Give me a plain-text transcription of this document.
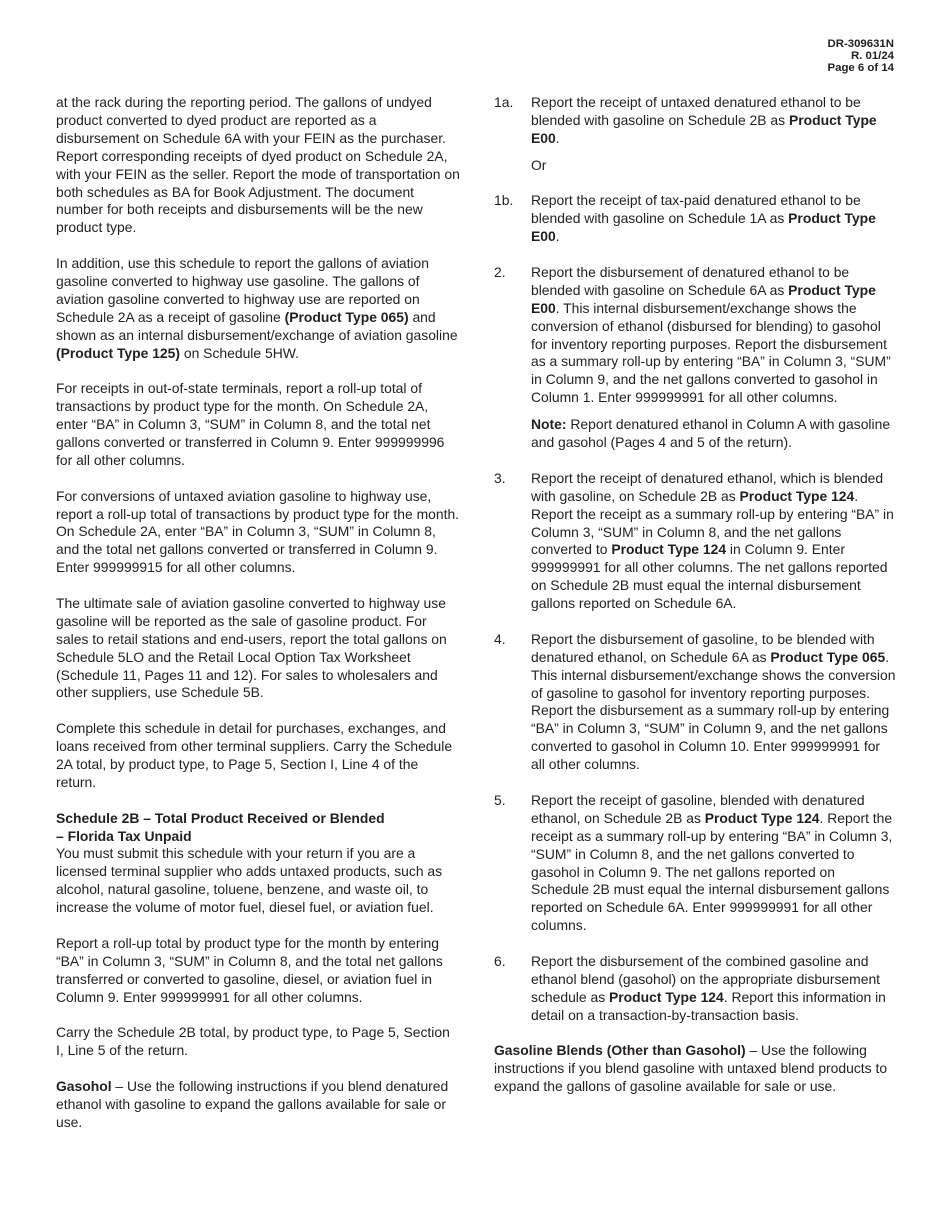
DR-309631N
R. 01/24
Page 6 of 14

at the rack during the reporting period. The gallons of undyed product converted to dyed product are reported as a disbursement on Schedule 6A with your FEIN as the purchaser. Report corresponding receipts of dyed product on Schedule 2A, with your FEIN as the seller. Report the mode of transportation on both schedules as BA for Book Adjustment. The document number for both receipts and disbursements will be the new product type.

In addition, use this schedule to report the gallons of aviation gasoline converted to highway use gasoline. The gallons of aviation gasoline converted to highway use are reported on Schedule 2A as a receipt of gasoline (Product Type 065) and shown as an internal disbursement/exchange of aviation gasoline (Product Type 125) on Schedule 5HW.

For receipts in out-of-state terminals, report a roll-up total of transactions by product type for the month. On Schedule 2A, enter “BA” in Column 3, “SUM” in Column 8, and the total net gallons converted or transferred in Column 9. Enter 999999996 for all other columns.

For conversions of untaxed aviation gasoline to highway use, report a roll-up total of transactions by product type for the month. On Schedule 2A, enter “BA” in Column 3, “SUM” in Column 8, and the total net gallons converted or transferred in Column 9. Enter 999999915 for all other columns.

The ultimate sale of aviation gasoline converted to highway use gasoline will be reported as the sale of gasoline product. For sales to retail stations and end-users, report the total gallons on Schedule 5LO and the Retail Local Option Tax Worksheet (Schedule 11, Pages 11 and 12). For sales to wholesalers and other suppliers, use Schedule 5B.

Complete this schedule in detail for purchases, exchanges, and loans received from other terminal suppliers. Carry the Schedule 2A total, by product type, to Page 5, Section I, Line 4 of the return.

Schedule 2B – Total Product Received or Blended
– Florida Tax Unpaid

You must submit this schedule with your return if you are a licensed terminal supplier who adds untaxed products, such as alcohol, natural gasoline, toluene, benzene, and waste oil, to increase the volume of motor fuel, diesel fuel, or aviation fuel.

Report a roll-up total by product type for the month by entering “BA” in Column 3, “SUM” in Column 8, and the total net gallons transferred or converted to gasoline, diesel, or aviation fuel in Column 9. Enter 999999991 for all other columns.

Carry the Schedule 2B total, by product type, to Page 5, Section I, Line 5 of the return.

Gasohol – Use the following instructions if you blend denatured ethanol with gasoline to expand the gallons available for sale or use.

1a.	Report the receipt of untaxed denatured ethanol to be blended with gasoline on Schedule 2B as Product Type E00.

Or

1b.	Report the receipt of tax-paid denatured ethanol to be blended with gasoline on Schedule 1A as Product Type E00.

2.	Report the disbursement of denatured ethanol to be blended with gasoline on Schedule 6A as Product Type E00. This internal disbursement/exchange shows the conversion of ethanol (disbursed for blending) to gasohol for inventory reporting purposes. Report the disbursement as a summary roll-up by entering “BA” in Column 3, “SUM” in Column 9, and the net gallons converted to gasohol in Column 1. Enter 999999991 for all other columns.

Note: Report denatured ethanol in Column A with gasoline and gasohol (Pages 4 and 5 of the return).

3.	Report the receipt of denatured ethanol, which is blended with gasoline, on Schedule 2B as Product Type 124. Report the receipt as a summary roll-up by entering “BA” in Column 3, “SUM” in Column 8, and the net gallons converted to Product Type 124 in Column 9. Enter 999999991 for all other columns. The net gallons reported on Schedule 2B must equal the internal disbursement gallons reported on Schedule 6A.

4.	Report the disbursement of gasoline, to be blended with denatured ethanol, on Schedule 6A as Product Type 065. This internal disbursement/exchange shows the conversion of gasoline to gasohol for inventory reporting purposes. Report the disbursement as a summary roll-up by entering “BA” in Column 3, “SUM” in Column 9, and the net gallons converted to gasohol in Column 10. Enter 999999991 for all other columns.

5.	Report the receipt of gasoline, blended with denatured ethanol, on Schedule 2B as Product Type 124. Report the receipt as a summary roll-up by entering “BA” in Column 3, “SUM” in Column 8, and the net gallons converted to gasohol in Column 9. The net gallons reported on Schedule 2B must equal the internal disbursement gallons reported on Schedule 6A. Enter 999999991 for all other columns.

6.	Report the disbursement of the combined gasoline and ethanol blend (gasohol) on the appropriate disbursement schedule as Product Type 124. Report this information in detail on a transaction-by-transaction basis.

Gasoline Blends (Other than Gasohol) – Use the following instructions if you blend gasoline with untaxed blend products to expand the gallons of gasoline available for sale or use.
